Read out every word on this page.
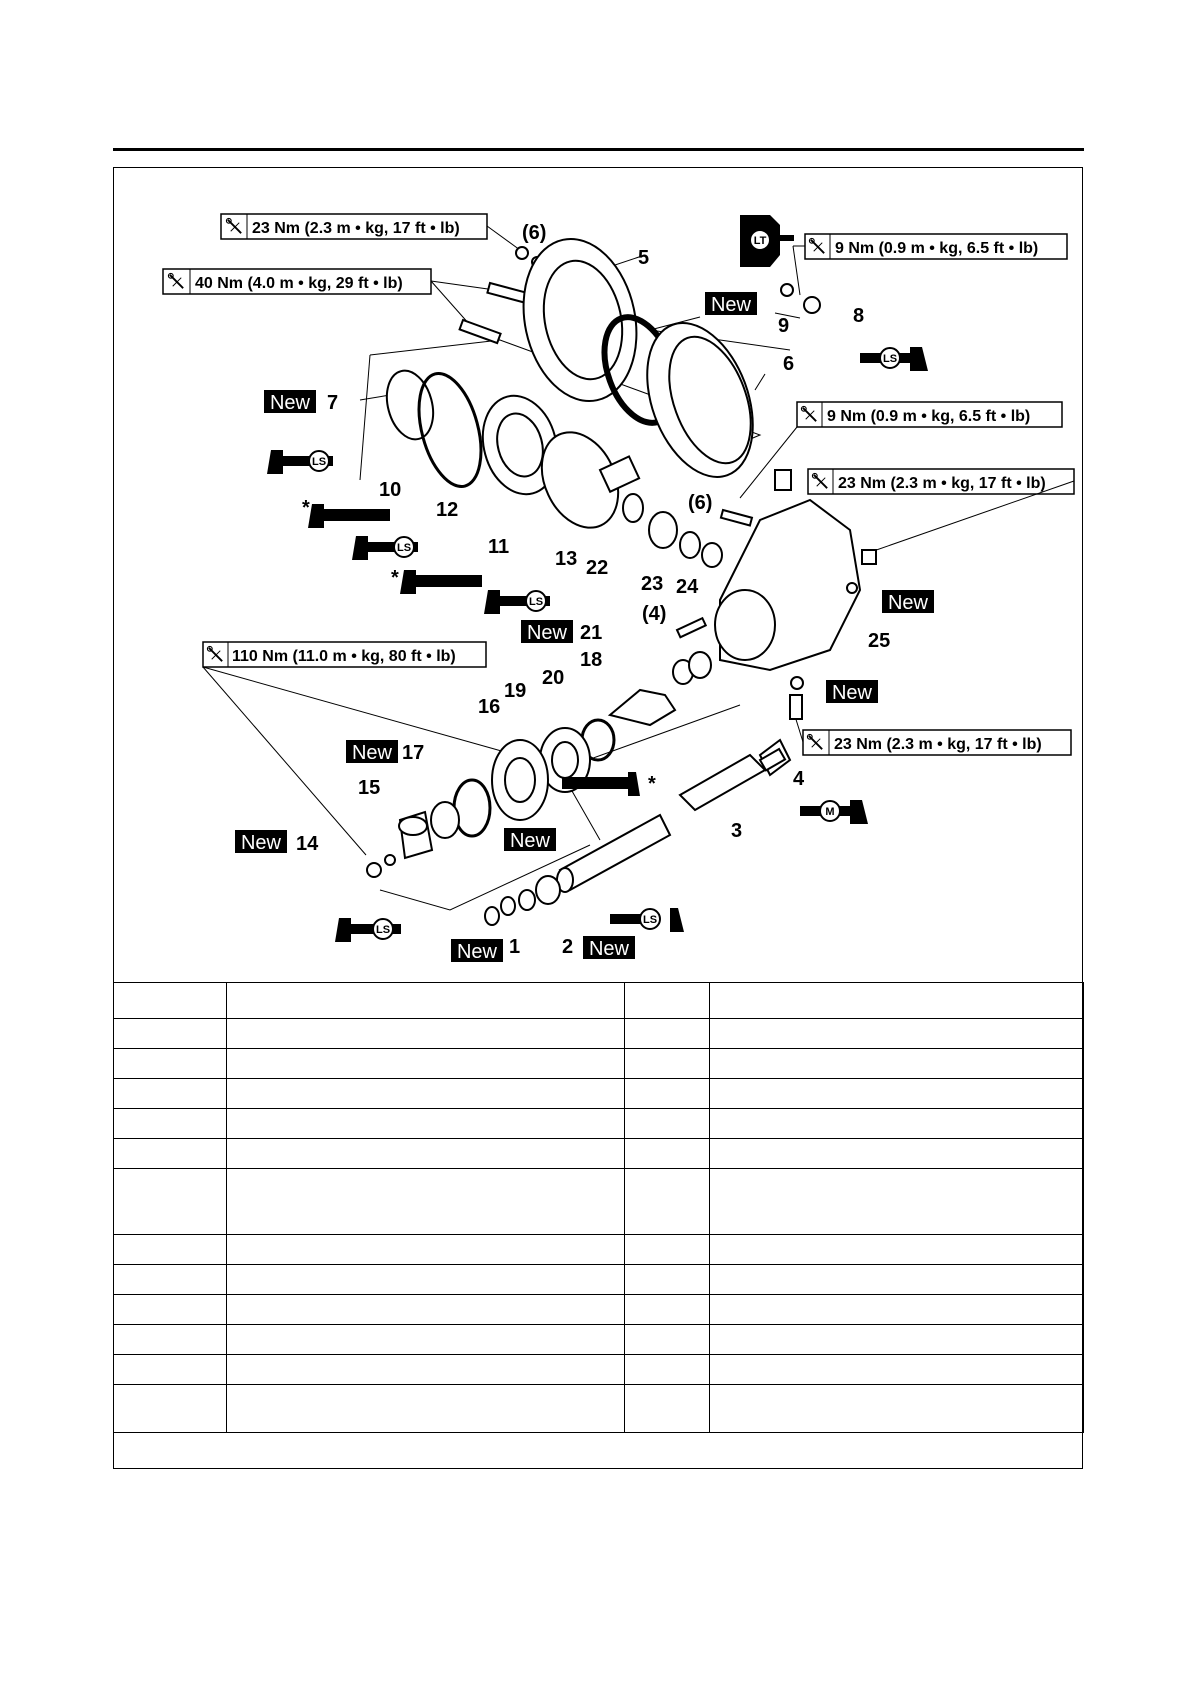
23 Nm (2.3 m • kg, 17 ft • lb)
40 Nm (4.0 m • kg, 29 ft • lb)
9 Nm (0.9 m • kg, 6.5 ft • lb)
9 Nm (0.9 m • kg, 6.5 ft • lb)
23 Nm (2.3 m • kg, 17 ft • lb)
110 Nm (11.0 m • kg, 80 ft • lb)
23 Nm (2.3 m • kg, 17 ft • lb)
LS
LS
LS
LS
M
LS
LS
LT
New
New
New
New
New
New
New
New
New	New
*
*
*
1 2
3
4
5
6
7
8
9
10
11
12
13
14
15
16
17
18
19
20
21
22
23 24
25
(6)
(6)
(4)
